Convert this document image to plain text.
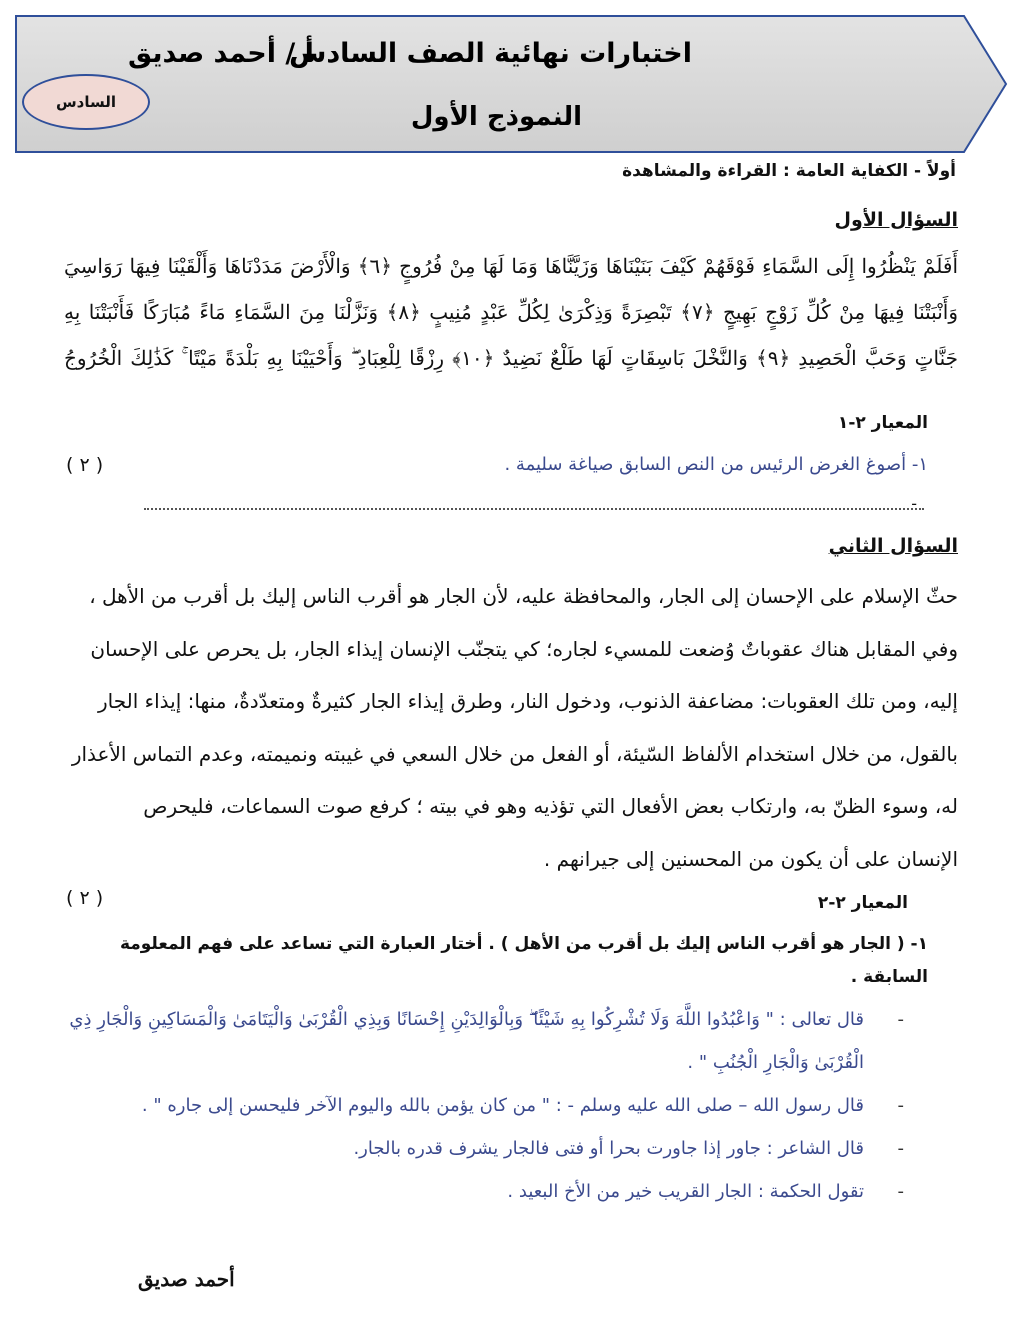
اختبارات نهائية الصف السادس
أ / أحمد صديق
النموذج الأول
السادس
أولاً - الكفاية العامة : القراءة والمشاهدة
السؤال الأول
أَفَلَمْ يَنْظُرُوا إِلَى السَّمَاءِ فَوْقَهُمْ كَيْفَ بَنَيْنَاهَا وَزَيَّنَّاهَا وَمَا لَهَا مِنْ فُرُوجٍ ﴿٦﴾ وَالْأَرْضَ مَدَدْنَاهَا وَأَلْقَيْنَا فِيهَا رَوَاسِيَ
وَأَنْبَتْنَا فِيهَا مِنْ كُلِّ زَوْجٍ بَهِيجٍ ﴿٧﴾ تَبْصِرَةً وَذِكْرَىٰ لِكُلِّ عَبْدٍ مُنِيبٍ ﴿٨﴾ وَنَزَّلْنَا مِنَ السَّمَاءِ مَاءً مُبَارَكًا فَأَنْبَتْنَا بِهِ
جَنَّاتٍ وَحَبَّ الْحَصِيدِ ﴿٩﴾ وَالنَّخْلَ بَاسِقَاتٍ لَهَا طَلْعٌ نَضِيدٌ ﴿١٠﴾ رِزْقًا لِلْعِبَادِ ۖ وَأَحْيَيْنَا بِهِ بَلْدَةً مَيْتًا ۚ كَذَٰلِكَ الْخُرُوجُ
المعيار ٢-١
١- أصوغ الغرض الرئيس من النص السابق صياغة سليمة .
( ٢ )
-
السؤال الثاني
حثّ الإسلام على الإحسان إلى الجار، والمحافظة عليه، لأن الجار هو أقرب الناس إليك بل أقرب من الأهل ،
وفي المقابل هناك عقوباتٌ وُضعت للمسيء لجاره؛ كي يتجنّب الإنسان إيذاء الجار، بل يحرص على الإحسان
إليه، ومن تلك العقوبات: مضاعفة الذنوب، ودخول النار، وطرق إيذاء الجار كثيرةٌ ومتعدّدةٌ، منها: إيذاء الجار
بالقول، من خلال استخدام الألفاظ السّيئة، أو الفعل من خلال السعي في غيبته ونميمته، وعدم التماس الأعذار
له، وسوء الظنّ به، وارتكاب بعض الأفعال التي تؤذيه وهو في بيته ؛ كرفع صوت السماعات، فليحرص
الإنسان على أن يكون من المحسنين إلى جيرانهم .
المعيار ٢-٢
( ٢ )
١- ( الجار هو أقرب الناس إليك بل أقرب من الأهل ) . أختار العبارة التي تساعد على فهم المعلومة السابقة .
-
قال تعالى : " وَاعْبُدُوا اللَّهَ وَلَا تُشْرِكُوا بِهِ شَيْئًا ۖ وَبِالْوَالِدَيْنِ إِحْسَانًا وَبِذِي الْقُرْبَىٰ وَالْيَتَامَىٰ وَالْمَسَاكِينِ وَالْجَارِ ذِي الْقُرْبَىٰ وَالْجَارِ الْجُنُبِ " .
-
قال رسول الله – صلى الله عليه وسلم - : " من كان يؤمن بالله واليوم الآخر فليحسن إلى جاره " .
-
قال الشاعر : جاور إذا جاورت بحرا أو فتى فالجار يشرف قدره بالجار.
-
تقول الحكمة : الجار القريب خير من الأخ البعيد .
أحمد صديق
